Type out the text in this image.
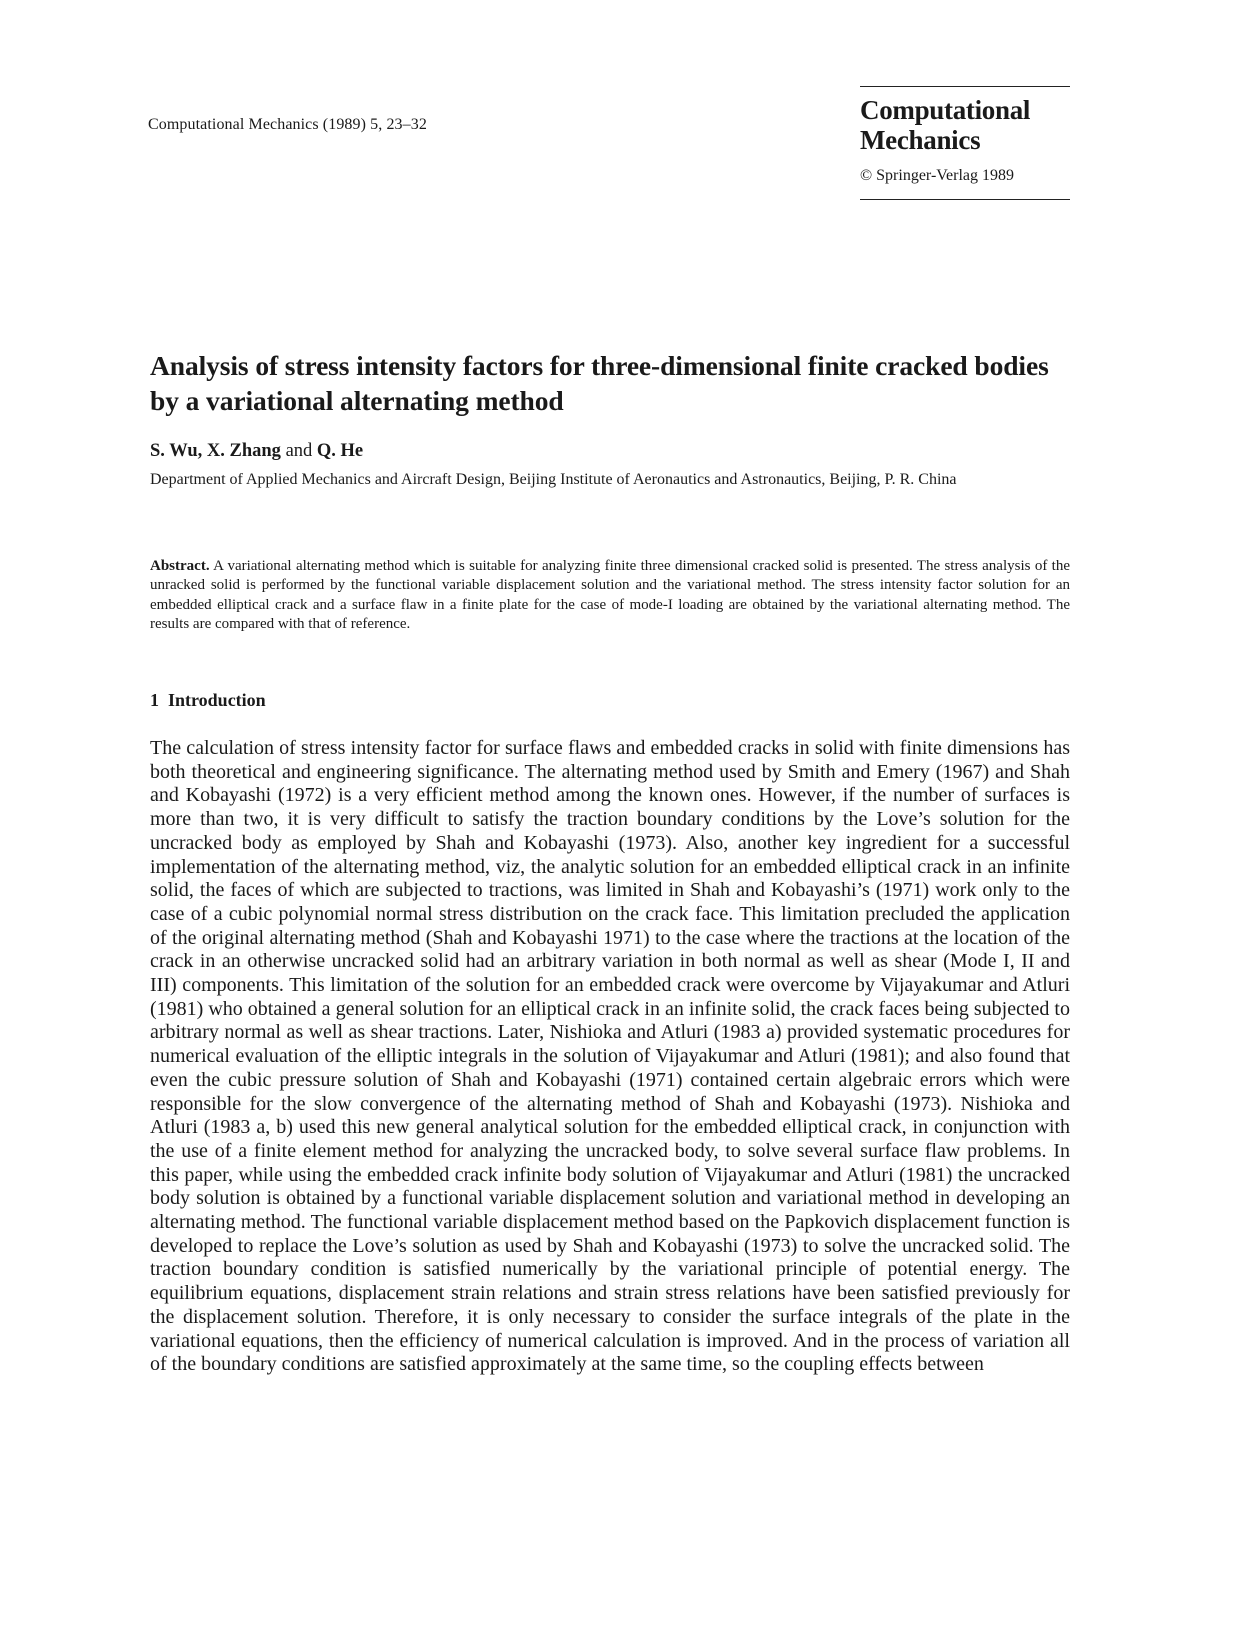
Computational Mechanics (1989) 5, 23–32	Computational
Mechanics
© Springer-Verlag 1989
Analysis of stress intensity factors for three-dimensional finite cracked bodies by a variational alternating method
S. Wu, X. Zhang and Q. He
Department of Applied Mechanics and Aircraft Design, Beijing Institute of Aeronautics and Astronautics, Beijing, P. R. China
Abstract. A variational alternating method which is suitable for analyzing finite three dimensional cracked solid is presented. The stress analysis of the unracked solid is performed by the functional variable displacement solution and the variational method. The stress intensity factor solution for an embedded elliptical crack and a surface flaw in a finite plate for the case of mode-I loading are obtained by the variational alternating method. The results are compared with that of reference.
1 Introduction

The calculation of stress intensity factor for surface flaws and embedded cracks in solid with finite dimensions has both theoretical and engineering significance. The alternating method used by Smith and Emery (1967) and Shah and Kobayashi (1972) is a very efficient method among the known ones. However, if the number of surfaces is more than two, it is very difficult to satisfy the traction boundary conditions by the Love’s solution for the uncracked body as employed by Shah and Kobayashi (1973). Also, another key ingredient for a successful implementation of the alternating method, viz, the analytic solution for an embedded elliptical crack in an infinite solid, the faces of which are subjected to tractions, was limited in Shah and Kobayashi’s (1971) work only to the case of a cubic polynomial normal stress distribution on the crack face. This limitation precluded the application of the original alternating method (Shah and Kobayashi 1971) to the case where the tractions at the location of the crack in an otherwise uncracked solid had an arbitrary variation in both normal as well as shear (Mode I, II and III) components. This limitation of the solution for an embedded crack were overcome by Vijayakumar and Atluri (1981) who obtained a general solution for an elliptical crack in an infinite solid, the crack faces being subjected to arbitrary normal as well as shear tractions. Later, Nishioka and Atluri (1983 a) provided systematic procedures for numerical evaluation of the elliptic integrals in the solution of Vijayakumar and Atluri (1981); and also found that even the cubic pressure solution of Shah and Kobayashi (1971) contained certain algebraic errors which were responsible for the slow convergence of the alternating method of Shah and Kobayashi (1973). Nishioka and Atluri (1983 a, b) used this new general analytical solution for the embedded elliptical crack, in conjunction with the use of a finite element method for analyzing the uncracked body, to solve several surface flaw problems. In this paper, while using the embedded crack infinite body solution of Vijayakumar and Atluri (1981) the uncracked body solution is obtained by a functional variable displacement solution and variational method in developing an alternating method. The functional variable displacement method based on the Papkovich displacement function is developed to replace the Love’s solution as used by Shah and Kobayashi (1973) to solve the uncracked solid. The traction boundary condition is satisfied numerically by the variational principle of potential energy. The equilibrium equations, displacement strain relations and strain stress relations have been satisfied previously for the displacement solution. Therefore, it is only necessary to consider the surface integrals of the plate in the variational equations, then the efficiency of numerical calculation is improved. And in the process of variation all of the boundary conditions are satisfied approximately at the same time, so the coupling effects between
